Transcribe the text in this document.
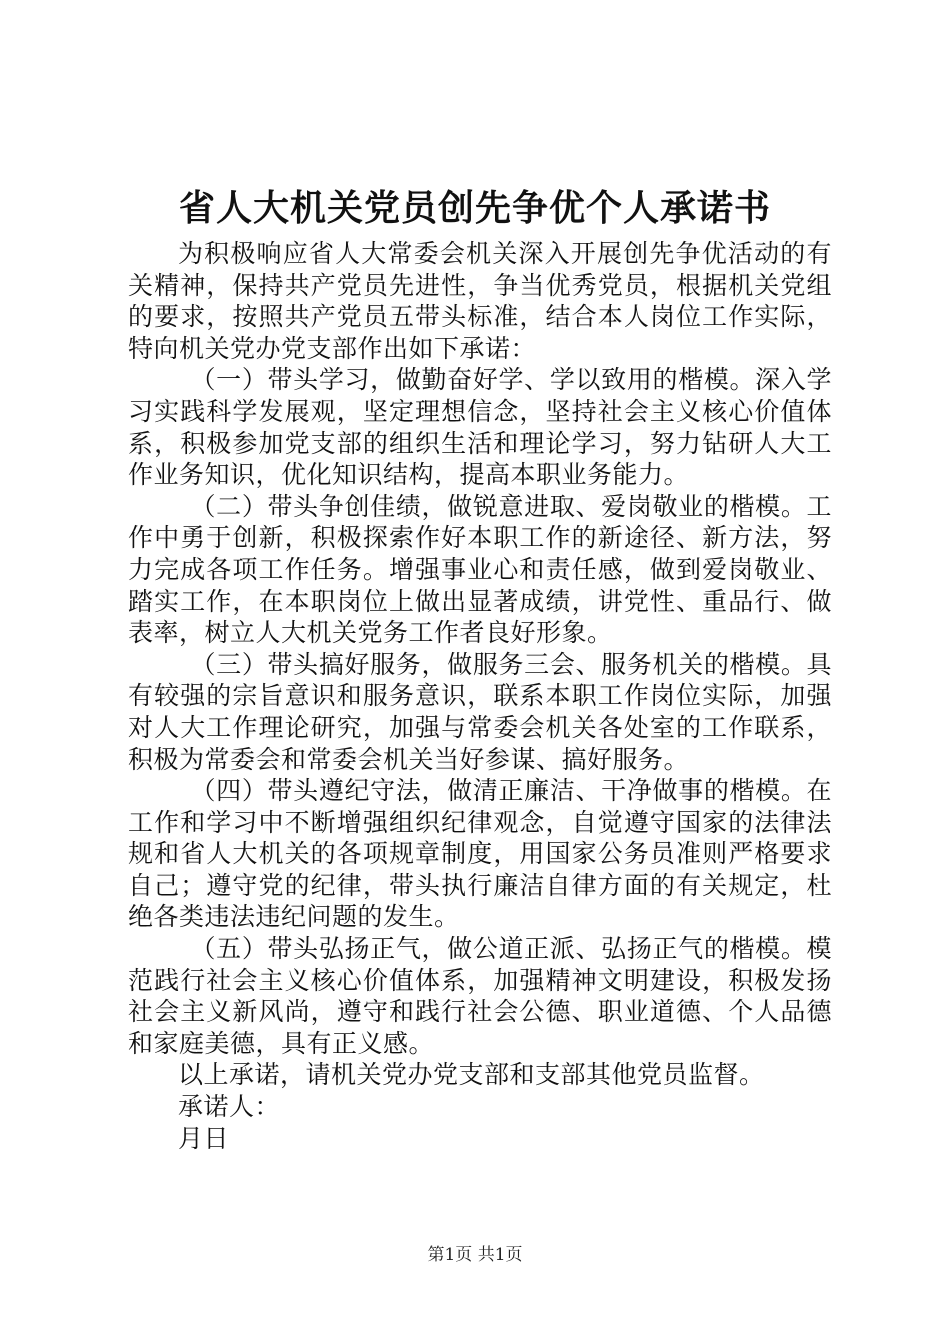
省人大机关党员创先争优个人承诺书

为积极响应省人大常委会机关深入开展创先争优活动的有关精神，保持共产党员先进性，争当优秀党员，根据机关党组的要求，按照共产党员五带头标准，结合本人岗位工作实际，特向机关党办党支部作出如下承诺：

（一）带头学习，做勤奋好学、学以致用的楷模。深入学习实践科学发展观，坚定理想信念，坚持社会主义核心价值体系，积极参加党支部的组织生活和理论学习，努力钻研人大工作业务知识，优化知识结构，提高本职业务能力。

（二）带头争创佳绩，做锐意进取、爱岗敬业的楷模。工作中勇于创新，积极探索作好本职工作的新途径、新方法，努力完成各项工作任务。增强事业心和责任感，做到爱岗敬业、踏实工作，在本职岗位上做出显著成绩，讲党性、重品行、做表率，树立人大机关党务工作者良好形象。

（三）带头搞好服务，做服务三会、服务机关的楷模。具有较强的宗旨意识和服务意识，联系本职工作岗位实际，加强对人大工作理论研究，加强与常委会机关各处室的工作联系，积极为常委会和常委会机关当好参谋、搞好服务。

（四）带头遵纪守法，做清正廉洁、干净做事的楷模。在工作和学习中不断增强组织纪律观念，自觉遵守国家的法律法规和省人大机关的各项规章制度，用国家公务员准则严格要求自己；遵守党的纪律，带头执行廉洁自律方面的有关规定，杜绝各类违法违纪问题的发生。

（五）带头弘扬正气，做公道正派、弘扬正气的楷模。模范践行社会主义核心价值体系，加强精神文明建设，积极发扬社会主义新风尚，遵守和践行社会公德、职业道德、个人品德和家庭美德，具有正义感。

以上承诺，请机关党办党支部和支部其他党员监督。

承诺人：

月日

第1页 共1页
